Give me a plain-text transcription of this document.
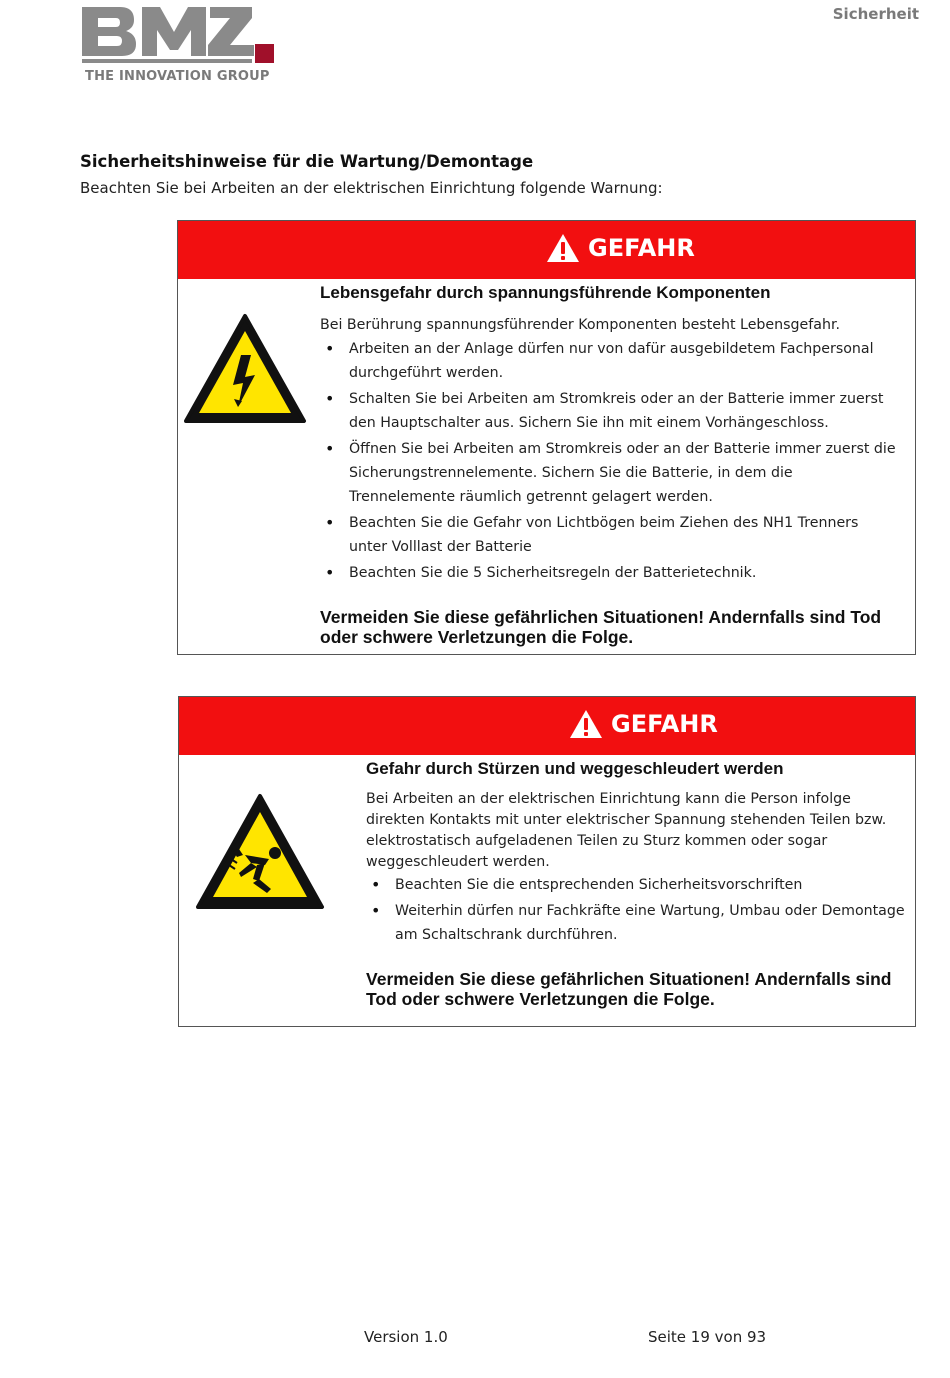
THE INNOVATION GROUP
Sicherheit
Sicherheitshinweise für die Wartung/Demontage
Beachten Sie bei Arbeiten an der elektrischen Einrichtung folgende Warnung:
GEFAHR
Lebensgefahr durch spannungsführende Komponenten

Bei Berührung spannungsführender Komponenten besteht Lebensgefahr.

• Arbeiten an der Anlage dürfen nur von dafür ausgebildetem Fachpersonal durchgeführt werden.
• Schalten Sie bei Arbeiten am Stromkreis oder an der Batterie immer zuerst den Hauptschalter aus. Sichern Sie ihn mit einem Vorhängeschloss.
• Öffnen Sie bei Arbeiten am Stromkreis oder an der Batterie immer zuerst die Sicherungstrennelemente. Sichern Sie die Batterie, in dem die Trennelemente räumlich getrennt gelagert werden.
• Beachten Sie die Gefahr von Lichtbögen beim Ziehen des NH1 Trenners unter Volllast der Batterie
• Beachten Sie die 5 Sicherheitsregeln der Batterietechnik.
Vermeiden Sie diese gefährlichen Situationen! Andernfalls sind Tod oder schwere Verletzungen die Folge.
GEFAHR
Gefahr durch Stürzen und weggeschleudert werden

Bei Arbeiten an der elektrischen Einrichtung kann die Person infolge direkten Kontakts mit unter elektrischer Spannung stehenden Teilen bzw. elektrostatisch aufgeladenen Teilen zu Sturz kommen oder sogar weggeschleudert werden.

• Beachten Sie die entsprechenden Sicherheitsvorschriften
• Weiterhin dürfen nur Fachkräfte eine Wartung, Umbau oder Demontage am Schaltschrank durchführen.
Vermeiden Sie diese gefährlichen Situationen! Andernfalls sind Tod oder schwere Verletzungen die Folge.
Version 1.0	Seite 19 von 93
